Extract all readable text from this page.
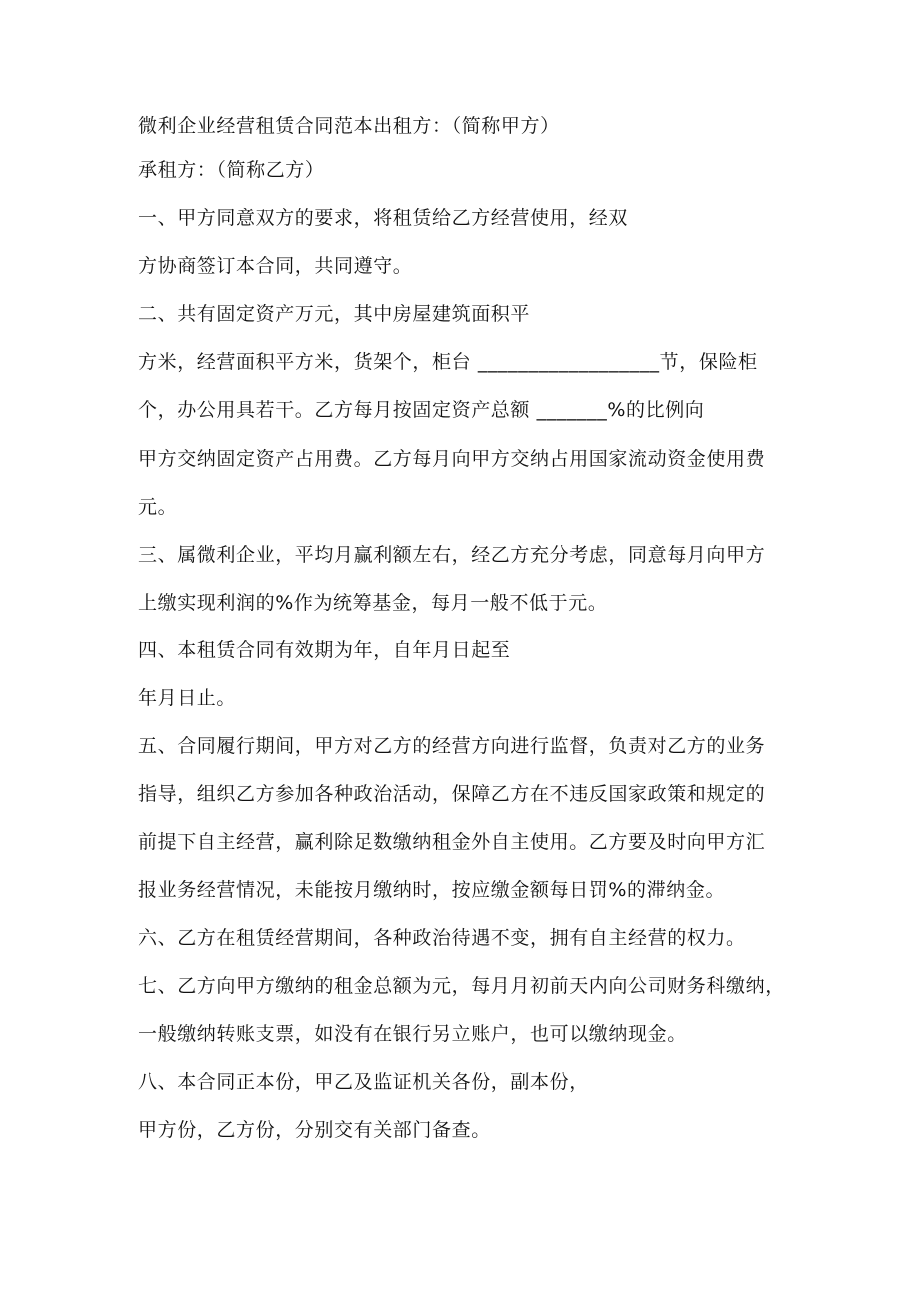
微利企业经营租赁合同范本出租方：（简称甲方）
承租方：（简称乙方）
一、甲方同意双方的要求，将租赁给乙方经营使用，经双
方协商签订本合同，共同遵守。
二、共有固定资产万元，其中房屋建筑面积平
方米，经营面积平方米，货架个，柜台 __________________节，保险柜
个，办公用具若干。乙方每月按固定资产总额 _______%的比例向
甲方交纳固定资产占用费。乙方每月向甲方交纳占用国家流动资金使用费
元。
三、属微利企业，平均月赢利额左右，经乙方充分考虑，同意每月向甲方
上缴实现利润的%作为统筹基金，每月一般不低于元。
四、本租赁合同有效期为年，自年月日起至
年月日止。
五、合同履行期间，甲方对乙方的经营方向进行监督，负责对乙方的业务
指导，组织乙方参加各种政治活动，保障乙方在不违反国家政策和规定的
前提下自主经营，赢利除足数缴纳租金外自主使用。乙方要及时向甲方汇
报业务经营情况，未能按月缴纳时，按应缴金额每日罚%的滞纳金。
六、乙方在租赁经营期间，各种政治待遇不变，拥有自主经营的权力。
七、乙方向甲方缴纳的租金总额为元，每月月初前天内向公司财务科缴纳，
一般缴纳转账支票，如没有在银行另立账户，也可以缴纳现金。
八、本合同正本份，甲乙及监证机关各份，副本份，
甲方份，乙方份，分别交有关部门备查。
